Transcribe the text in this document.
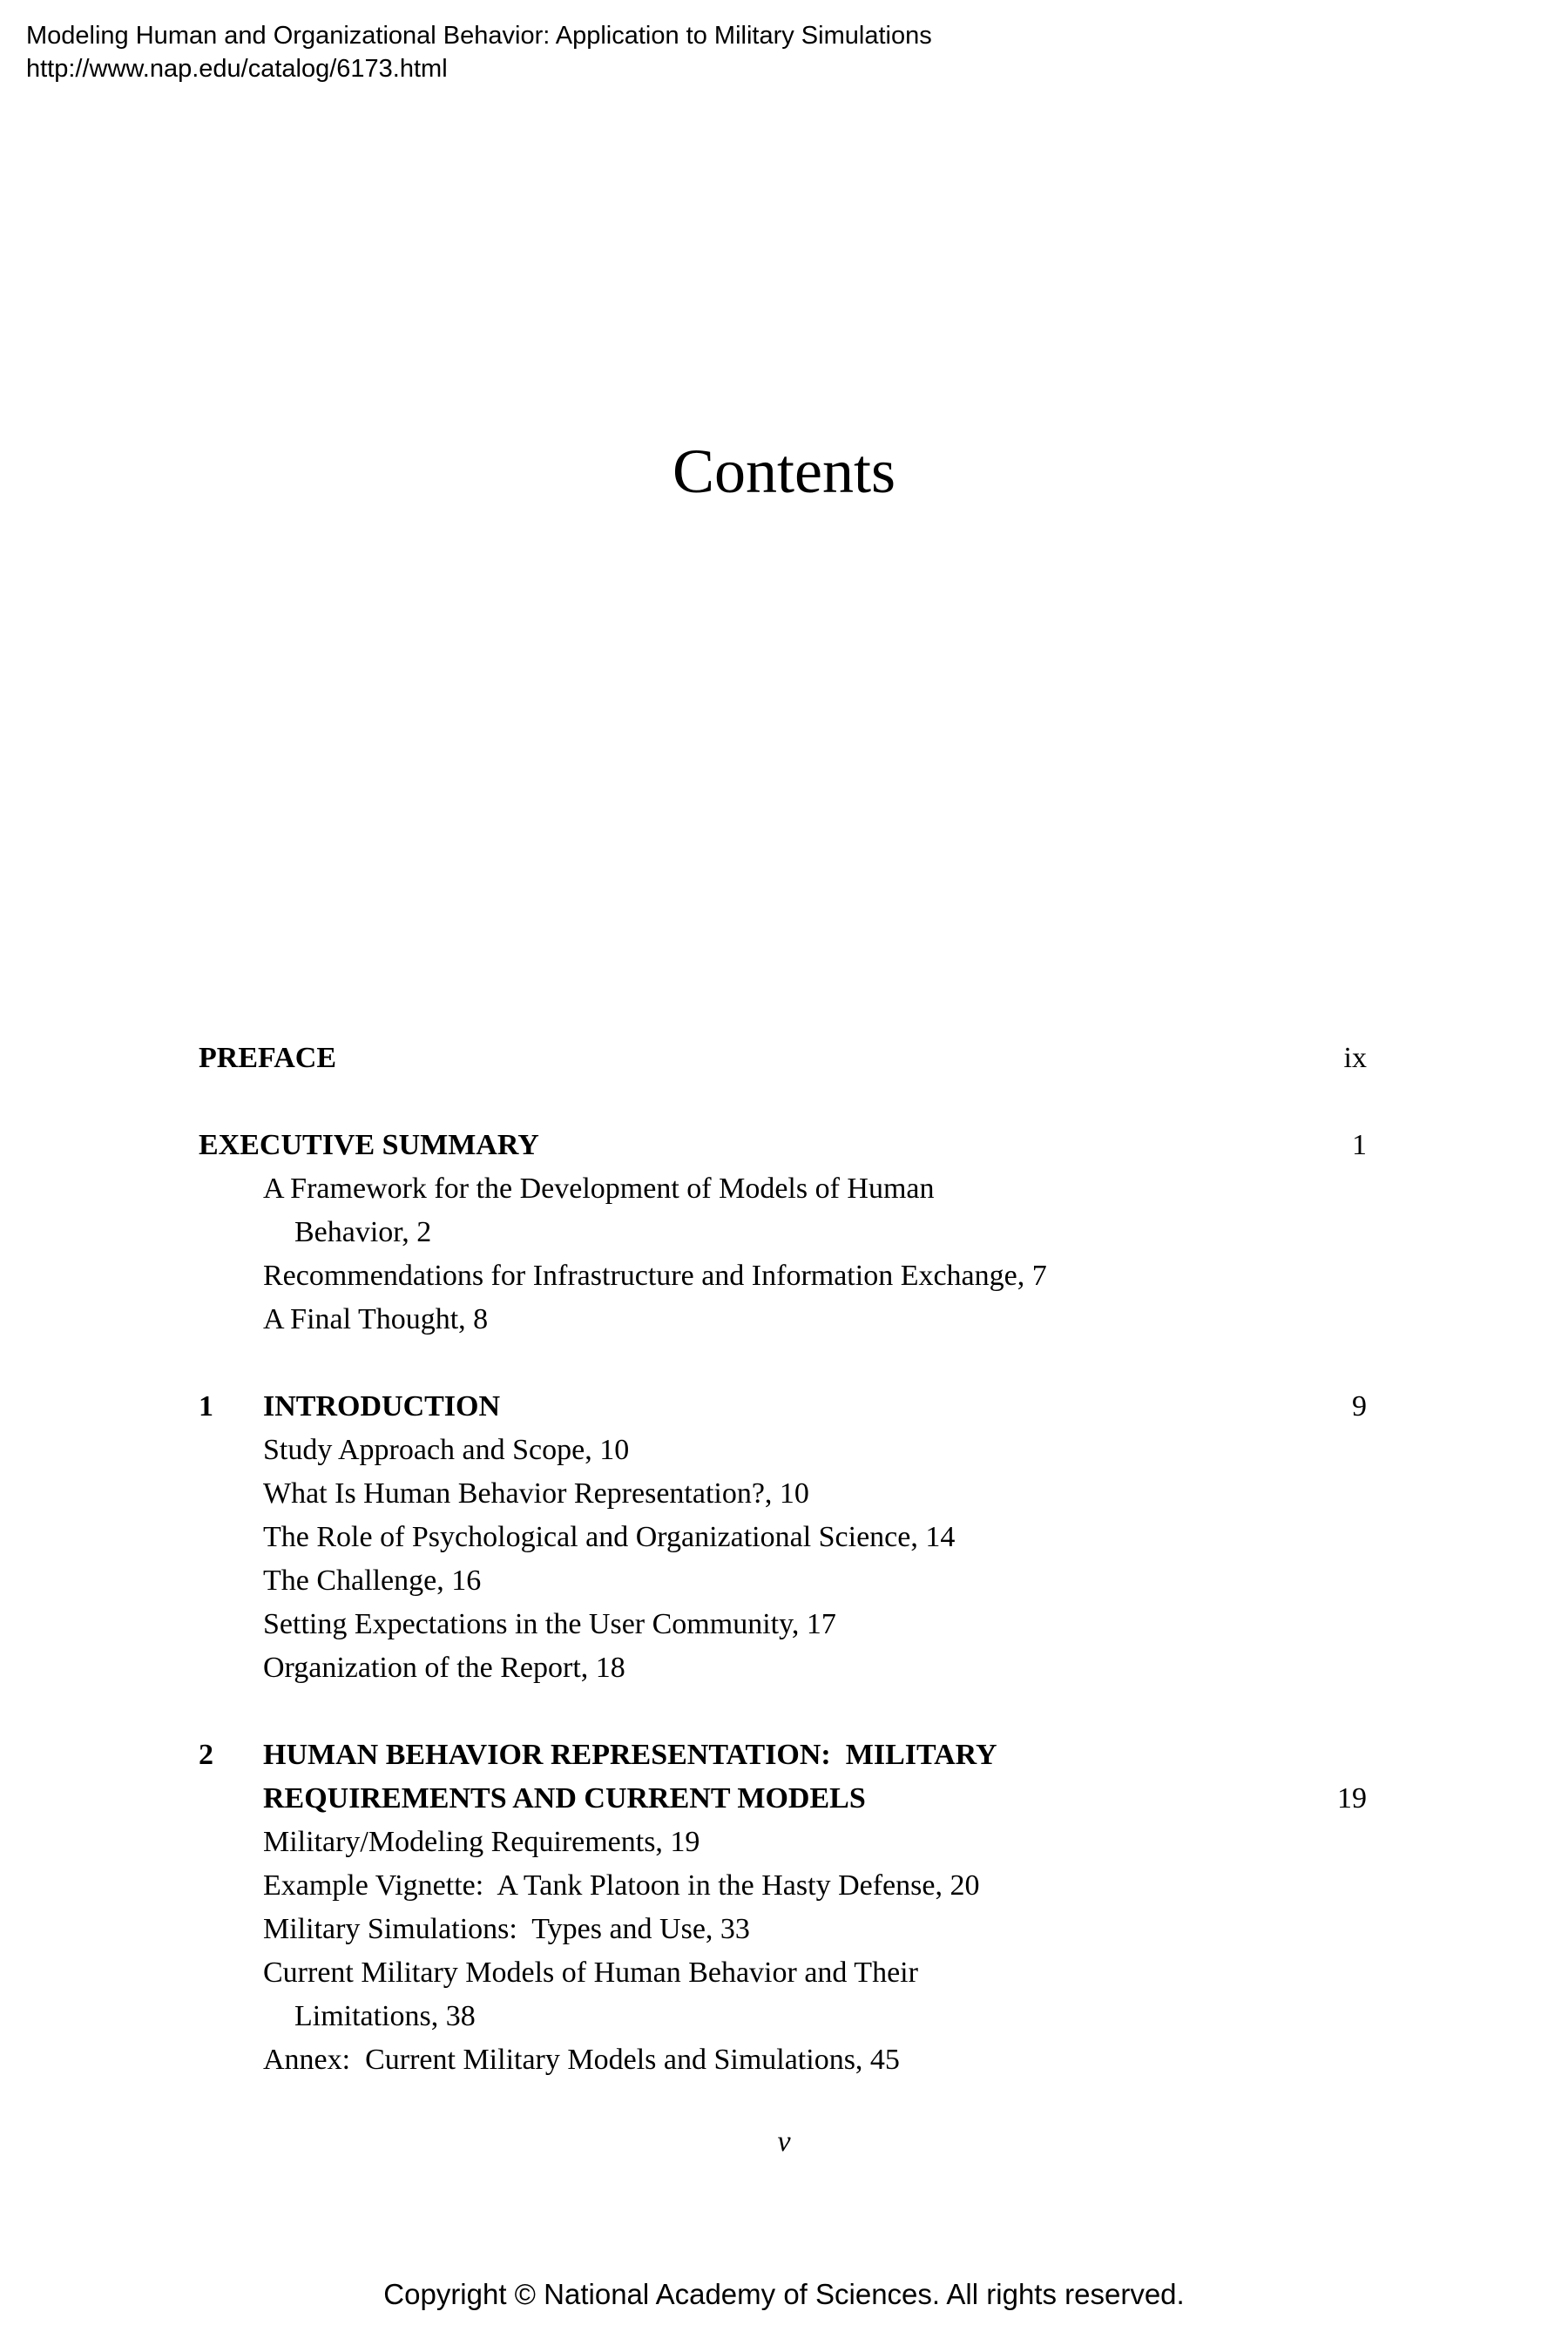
Modeling Human and Organizational Behavior: Application to Military Simulations
http://www.nap.edu/catalog/6173.html
Contents
PREFACE	ix
EXECUTIVE SUMMARY	1
A Framework for the Development of Models of Human
Behavior, 2
Recommendations for Infrastructure and Information Exchange, 7
A Final Thought, 8
1	INTRODUCTION	9
Study Approach and Scope, 10
What Is Human Behavior Representation?, 10
The Role of Psychological and Organizational Science, 14
The Challenge, 16
Setting Expectations in the User Community, 17
Organization of the Report, 18
2	HUMAN BEHAVIOR REPRESENTATION:  MILITARY
REQUIREMENTS AND CURRENT MODELS	19
Military/Modeling Requirements, 19
Example Vignette:  A Tank Platoon in the Hasty Defense, 20
Military Simulations:  Types and Use, 33
Current Military Models of Human Behavior and Their
Limitations, 38
Annex:  Current Military Models and Simulations, 45
v
Copyright © National Academy of Sciences. All rights reserved.
